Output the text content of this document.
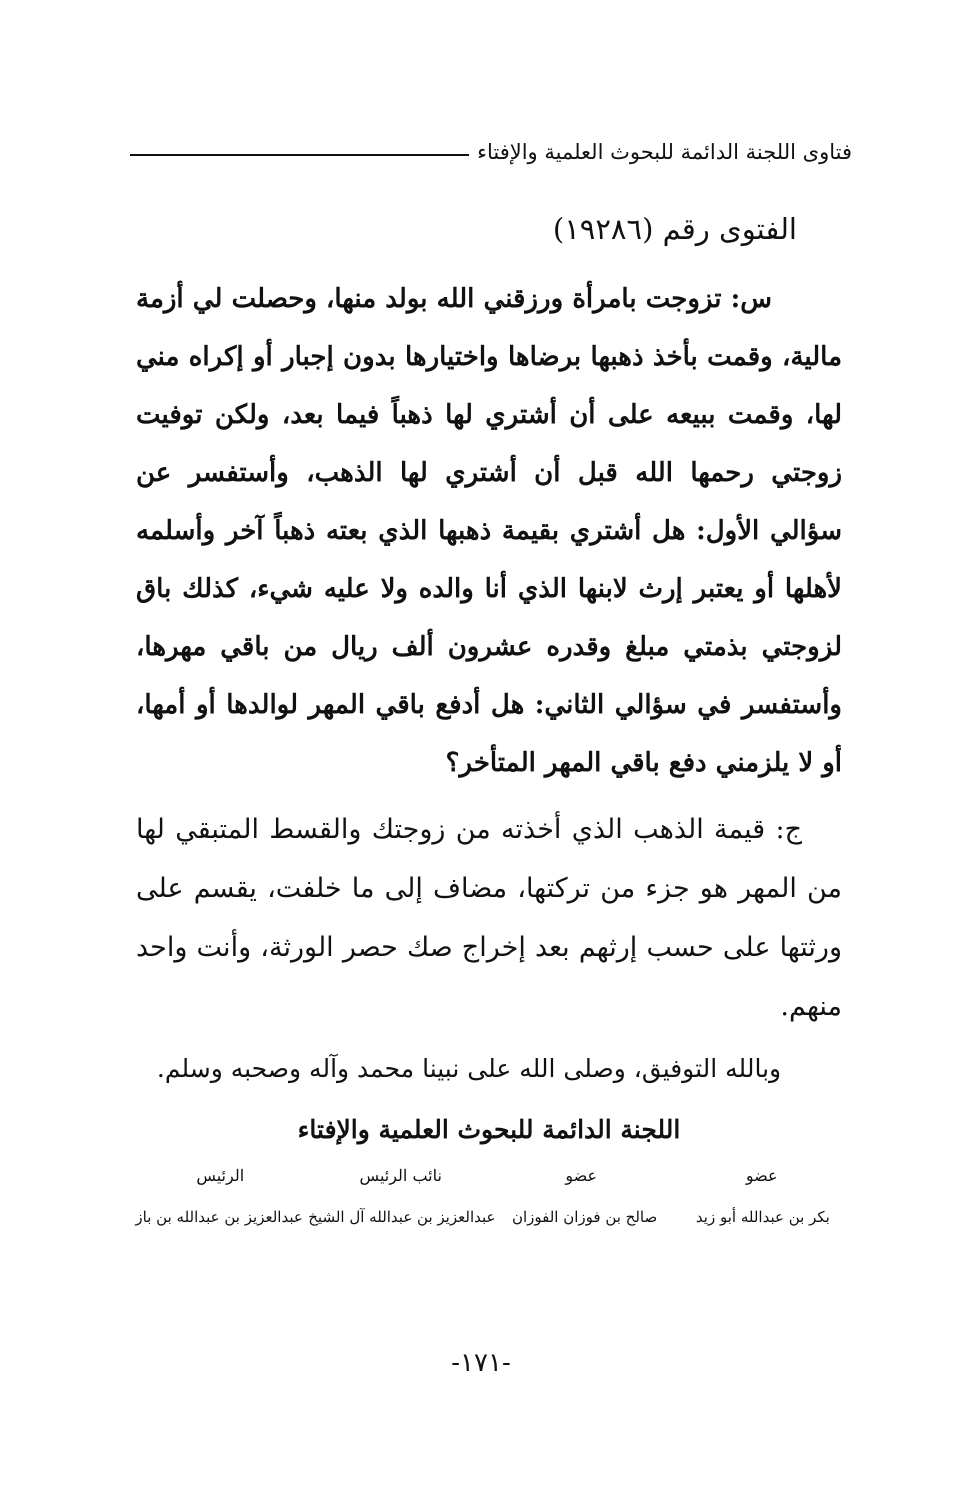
فتاوى اللجنة الدائمة للبحوث العلمية والإفتاء
الفتوى رقم (١٩٢٨٦)
س: تزوجت بامرأة ورزقني الله بولد منها، وحصلت لي أزمة مالية، وقمت بأخذ ذهبها برضاها واختيارها بدون إجبار أو إكراه مني لها، وقمت ببيعه على أن أشتري لها ذهباً فيما بعد، ولكن توفيت زوجتي رحمها الله قبل أن أشتري لها الذهب، وأستفسر عن سؤالي الأول: هل أشتري بقيمة ذهبها الذي بعته ذهباً آخر وأسلمه لأهلها أو يعتبر إرث لابنها الذي أنا والده ولا عليه شيء، كذلك باق لزوجتي بذمتي مبلغ وقدره عشرون ألف ريال من باقي مهرها، وأستفسر في سؤالي الثاني: هل أدفع باقي المهر لوالدها أو أمها، أو لا يلزمني دفع باقي المهر المتأخر؟
ج: قيمة الذهب الذي أخذته من زوجتك والقسط المتبقي لها من المهر هو جزء من تركتها، مضاف إلى ما خلفت، يقسم على ورثتها على حسب إرثهم بعد إخراج صك حصر الورثة، وأنت واحد منهم.
وبالله التوفيق، وصلى الله على نبينا محمد وآله وصحبه وسلم.
اللجنة الدائمة للبحوث العلمية والإفتاء
عضو
عضو
نائب الرئيس
الرئيس
بكر بن عبدالله أبو زيد
صالح بن فوزان الفوزان
عبدالعزيز بن عبدالله آل الشيخ
عبدالعزيز بن عبدالله بن باز
-١٧١-
